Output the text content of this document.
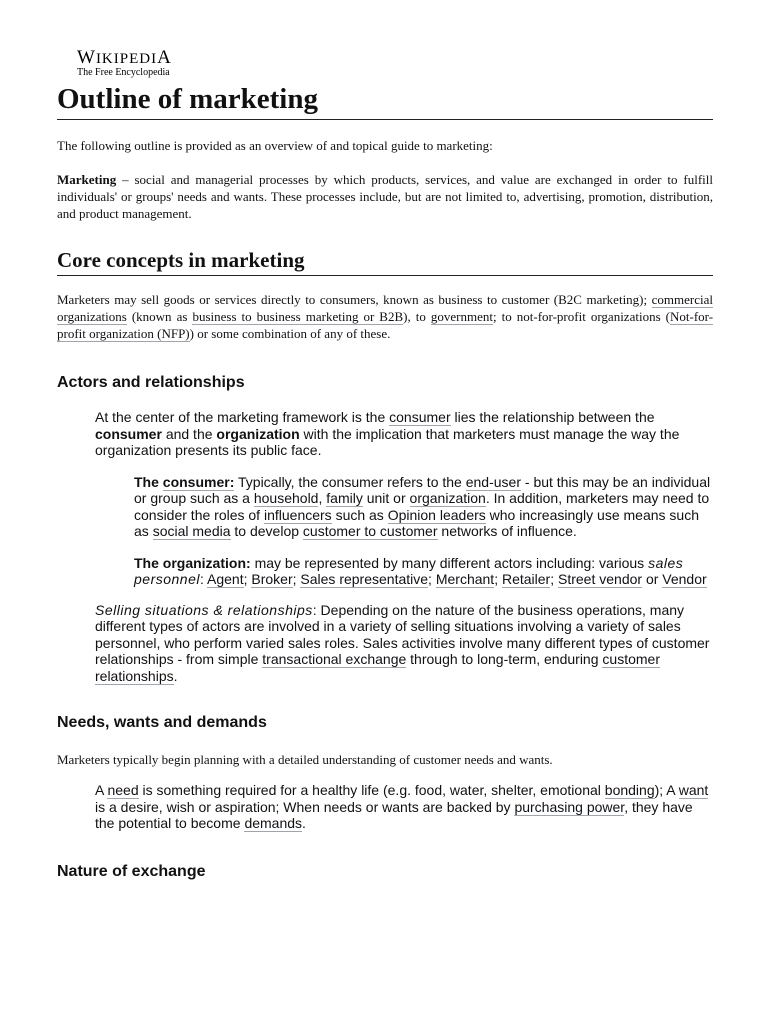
WIKIPEDIA
The Free Encyclopedia
Outline of marketing

The following outline is provided as an overview of and topical guide to marketing:

Marketing – social and managerial processes by which products, services, and value are exchanged in order to fulfill individuals' or groups' needs and wants. These processes include, but are not limited to, advertising, promotion, distribution, and product management.

Core concepts in marketing

Marketers may sell goods or services directly to consumers, known as business to customer (B2C marketing); commercial organizations (known as business to business marketing or B2B), to government; to not-for-profit organizations (Not-for-profit organization (NFP)) or some combination of any of these.

Actors and relationships

At the center of the marketing framework is the consumer lies the relationship between the consumer and the organization with the implication that marketers must manage the way the organization presents its public face.

The consumer: Typically, the consumer refers to the end-user - but this may be an individual or group such as a household, family unit or organization. In addition, marketers may need to consider the roles of influencers such as Opinion leaders who increasingly use means such as social media to develop customer to customer networks of influence.

The organization: may be represented by many different actors including: various sales personnel: Agent; Broker; Sales representative; Merchant; Retailer; Street vendor or Vendor

Selling situations & relationships: Depending on the nature of the business operations, many different types of actors are involved in a variety of selling situations involving a variety of sales personnel, who perform varied sales roles. Sales activities involve many different types of customer relationships - from simple transactional exchange through to long-term, enduring customer relationships.

Needs, wants and demands

Marketers typically begin planning with a detailed understanding of customer needs and wants.

A need is something required for a healthy life (e.g. food, water, shelter, emotional bonding); A want is a desire, wish or aspiration; When needs or wants are backed by purchasing power, they have the potential to become demands.

Nature of exchange
